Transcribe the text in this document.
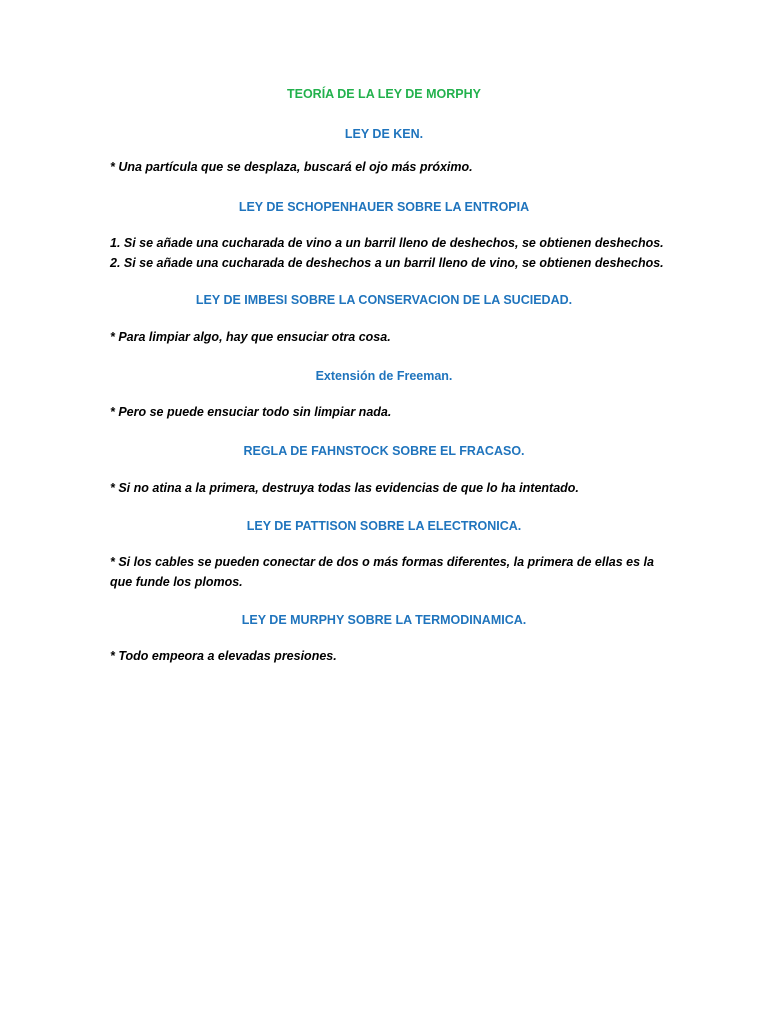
TEORÍA DE LA LEY DE MORPHY
LEY DE KEN.

* Una partícula que se desplaza, buscará el ojo más próximo.

LEY DE SCHOPENHAUER SOBRE LA ENTROPIA

1. Si se añade una cucharada de vino a un barril lleno de deshechos, se obtienen deshechos.
2. Si se añade una cucharada de deshechos a un barril lleno de vino, se obtienen deshechos.

LEY DE IMBESI SOBRE LA CONSERVACION DE LA SUCIEDAD.

* Para limpiar algo, hay que ensuciar otra cosa.

Extensión de Freeman.

* Pero se puede ensuciar todo sin limpiar nada.

REGLA DE FAHNSTOCK SOBRE EL FRACASO.

* Si no atina a la primera, destruya todas las evidencias de que lo ha intentado.

LEY DE PATTISON SOBRE LA ELECTRONICA.

* Si los cables se pueden conectar de dos o más formas diferentes, la primera de ellas es la
que funde los plomos.

LEY DE MURPHY SOBRE LA TERMODINAMICA.

* Todo empeora a elevadas presiones.
